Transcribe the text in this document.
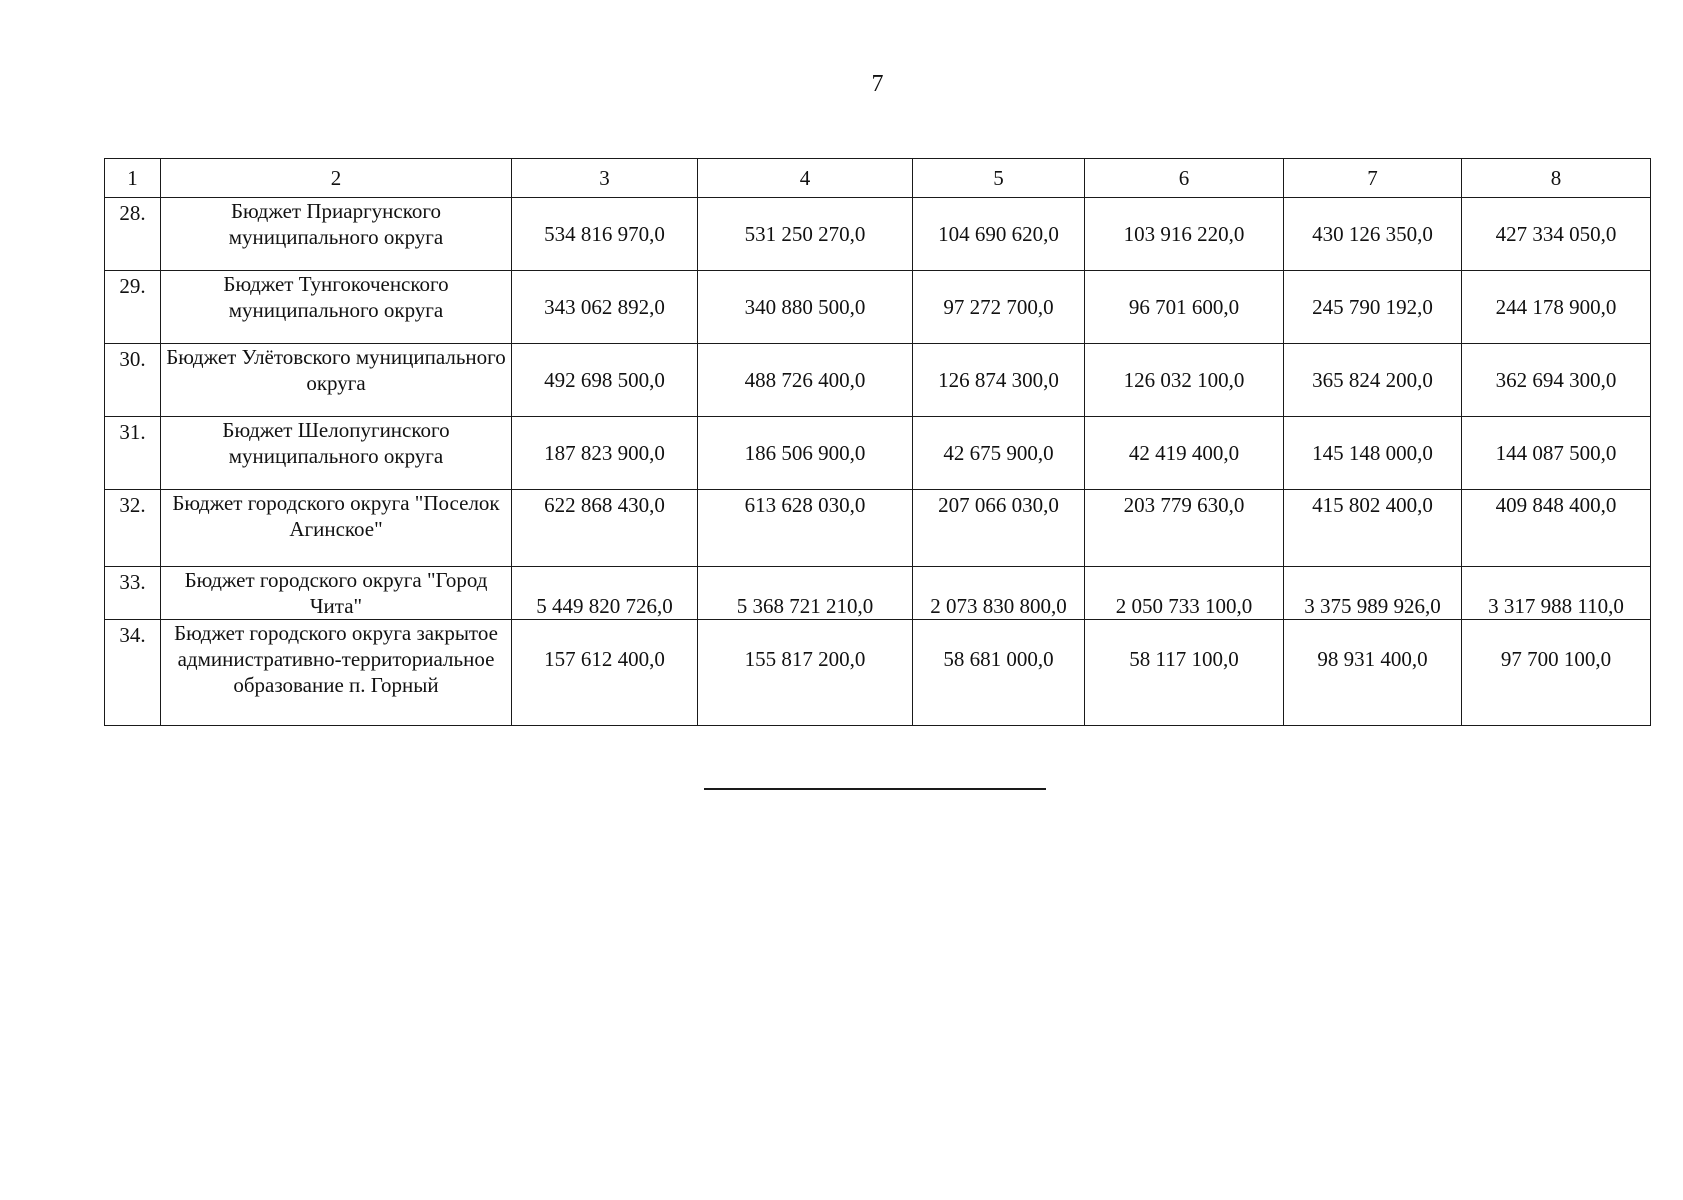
7
1	2	3	4	5	6	7	8
28.	Бюджет Приаргунского муниципального округа	534 816 970,0	531 250 270,0	104 690 620,0	103 916 220,0	430 126 350,0	427 334 050,0
29.	Бюджет Тунгокоченского муниципального округа	343 062 892,0	340 880 500,0	97 272 700,0	96 701 600,0	245 790 192,0	244 178 900,0
30.	Бюджет Улётовского муниципального округа	492 698 500,0	488 726 400,0	126 874 300,0	126 032 100,0	365 824 200,0	362 694 300,0
31.	Бюджет Шелопугинского муниципального округа	187 823 900,0	186 506 900,0	42 675 900,0	42 419 400,0	145 148 000,0	144 087 500,0
32.	Бюджет городского округа "Поселок Агинское"	622 868 430,0	613 628 030,0	207 066 030,0	203 779 630,0	415 802 400,0	409 848 400,0
33.	Бюджет городского округа "Город Чита"	5 449 820 726,0	5 368 721 210,0	2 073 830 800,0	2 050 733 100,0	3 375 989 926,0	3 317 988 110,0
34.	Бюджет городского округа закрытое административно-территориальное образование п. Горный	157 612 400,0	155 817 200,0	58 681 000,0	58 117 100,0	98 931 400,0	97 700 100,0
